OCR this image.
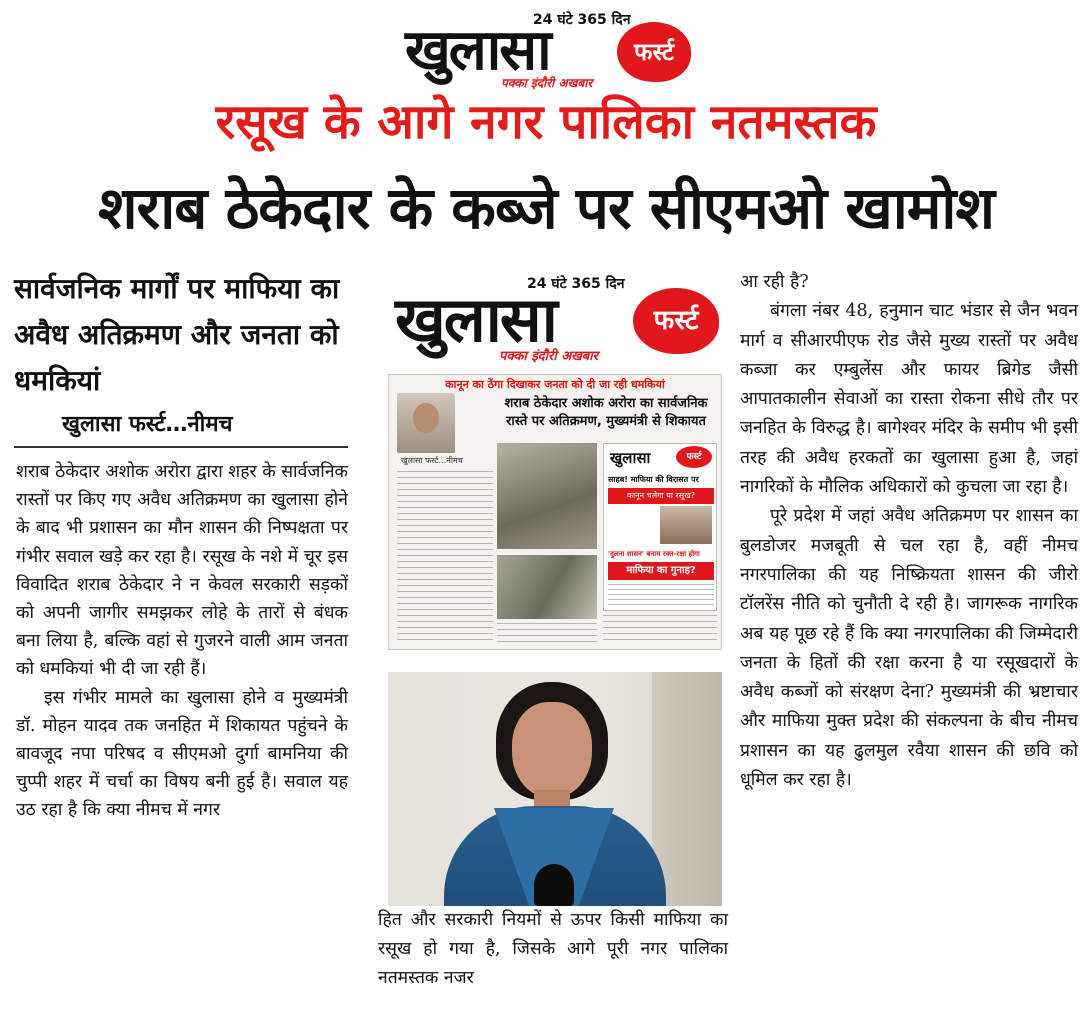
24 घंटे 365 दिन
खुलासा	फर्स्ट
पक्का इंदौरी अखबार
रसूख के आगे नगर पालिका नतमस्तक
शराब ठेकेदार के कब्जे पर सीएमओ खामोश
सार्वजनिक मार्गों पर माफिया का अवैध अतिक्रमण और जनता को धमकियां
खुलासा फर्स्ट…नीमच

शराब ठेकेदार अशोक अरोरा द्वारा शहर के सार्वजनिक रास्तों पर किए गए अवैध अतिक्रमण का खुलासा होने के बाद भी प्रशासन का मौन शासन की निष्पक्षता पर गंभीर सवाल खड़े कर रहा है। रसूख के नशे में चूर इस विवादित शराब ठेकेदार ने न केवल सरकारी सड़कों को अपनी जागीर समझकर लोहे के तारों से बंधक बना लिया है, बल्कि वहां से गुजरने वाली आम जनता को धमकियां भी दी जा रही हैं।

इस गंभीर मामले का खुलासा होने व मुख्यमंत्री डॉ. मोहन यादव तक जनहित में शिकायत पहुंचने के बावजूद नपा परिषद व सीएमओ दुर्गा बामनिया की चुप्पी शहर में चर्चा का विषय बनी हुई है। सवाल यह उठ रहा है कि क्या नीमच में नगर

24 घंटे 365 दिन
खुलासा	फर्स्ट
पक्का इंदौरी अखबार
कानून का ठेंगा दिखाकर जनता को दी जा रही धमकियां
शराब ठेकेदार अशोक अरोरा का सार्वजनिक रास्ते पर अतिक्रमण, मुख्यमंत्री से शिकायत
खुलासा फर्स्ट…नीमच	खुलासा	फर्स्ट
साहब! माफिया की विरासत पर
कानून चलेगा या रसूख?
'दुलना शासन' बनाम रक्त-रक्षा होगा
माफिया का गुनाह?
हित और सरकारी नियमों से ऊपर किसी माफिया का रसूख हो गया है, जिसके आगे पूरी नगर पालिका नतमस्तक नजर

आ रही है?

बंगला नंबर 48, हनुमान चाट भंडार से जैन भवन मार्ग व सीआरपीएफ रोड जैसे मुख्य रास्तों पर अवैध कब्जा कर एम्बुलेंस और फायर ब्रिगेड जैसी आपातकालीन सेवाओं का रास्ता रोकना सीधे तौर पर जनहित के विरुद्ध है। बागेश्वर मंदिर के समीप भी इसी तरह की अवैध हरकतों का खुलासा हुआ है, जहां नागरिकों के मौलिक अधिकारों को कुचला जा रहा है।

पूरे प्रदेश में जहां अवैध अतिक्रमण पर शासन का बुलडोजर मजबूती से चल रहा है, वहीं नीमच नगरपालिका की यह निष्क्रियता शासन की जीरो टॉलरेंस नीति को चुनौती दे रही है। जागरूक नागरिक अब यह पूछ रहे हैं कि क्या नगरपालिका की जिम्मेदारी जनता के हितों की रक्षा करना है या रसूखदारों के अवैध कब्जों को संरक्षण देना? मुख्यमंत्री की भ्रष्टाचार और माफिया मुक्त प्रदेश की संकल्पना के बीच नीमच प्रशासन का यह ढुलमुल रवैया शासन की छवि को धूमिल कर रहा है।
